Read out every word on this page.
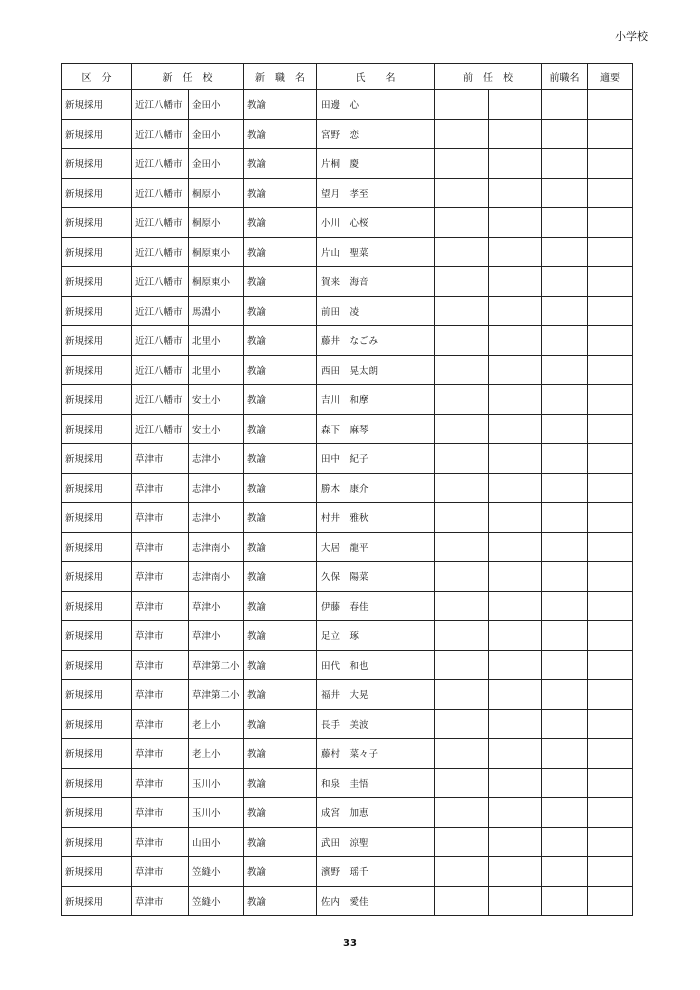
小学校
区　分	新　任　校		新　職　名	氏　　名	前　任　校		前職名	適要
新規採用	近江八幡市	金田小	教諭	田邊　心				
新規採用	近江八幡市	金田小	教諭	宮野　恋				
新規採用	近江八幡市	金田小	教諭	片桐　慶				
新規採用	近江八幡市	桐原小	教諭	望月　孝至				
新規採用	近江八幡市	桐原小	教諭	小川　心桜				
新規採用	近江八幡市	桐原東小	教諭	片山　聖菜				
新規採用	近江八幡市	桐原東小	教諭	賀来　海音				
新規採用	近江八幡市	馬淵小	教諭	前田　凌				
新規採用	近江八幡市	北里小	教諭	藤井　なごみ				
新規採用	近江八幡市	北里小	教諭	西田　晃太朗				
新規採用	近江八幡市	安土小	教諭	吉川　和摩				
新規採用	近江八幡市	安土小	教諭	森下　麻琴				
新規採用	草津市	志津小	教諭	田中　紀子				
新規採用	草津市	志津小	教諭	勝木　康介				
新規採用	草津市	志津小	教諭	村井　雅秋				
新規採用	草津市	志津南小	教諭	大居　龍平				
新規採用	草津市	志津南小	教諭	久保　陽菜				
新規採用	草津市	草津小	教諭	伊藤　春佳				
新規採用	草津市	草津小	教諭	足立　琢				
新規採用	草津市	草津第二小	教諭	田代　和也				
新規採用	草津市	草津第二小	教諭	福井　大晃				
新規採用	草津市	老上小	教諭	長手　美波				
新規採用	草津市	老上小	教諭	藤村　菜々子				
新規採用	草津市	玉川小	教諭	和泉　圭悟				
新規採用	草津市	玉川小	教諭	成宮　加恵				
新規採用	草津市	山田小	教諭	武田　涼聖				
新規採用	草津市	笠縫小	教諭	濱野　瑶千				
新規採用	草津市	笠縫小	教諭	佐内　愛佳				
33
